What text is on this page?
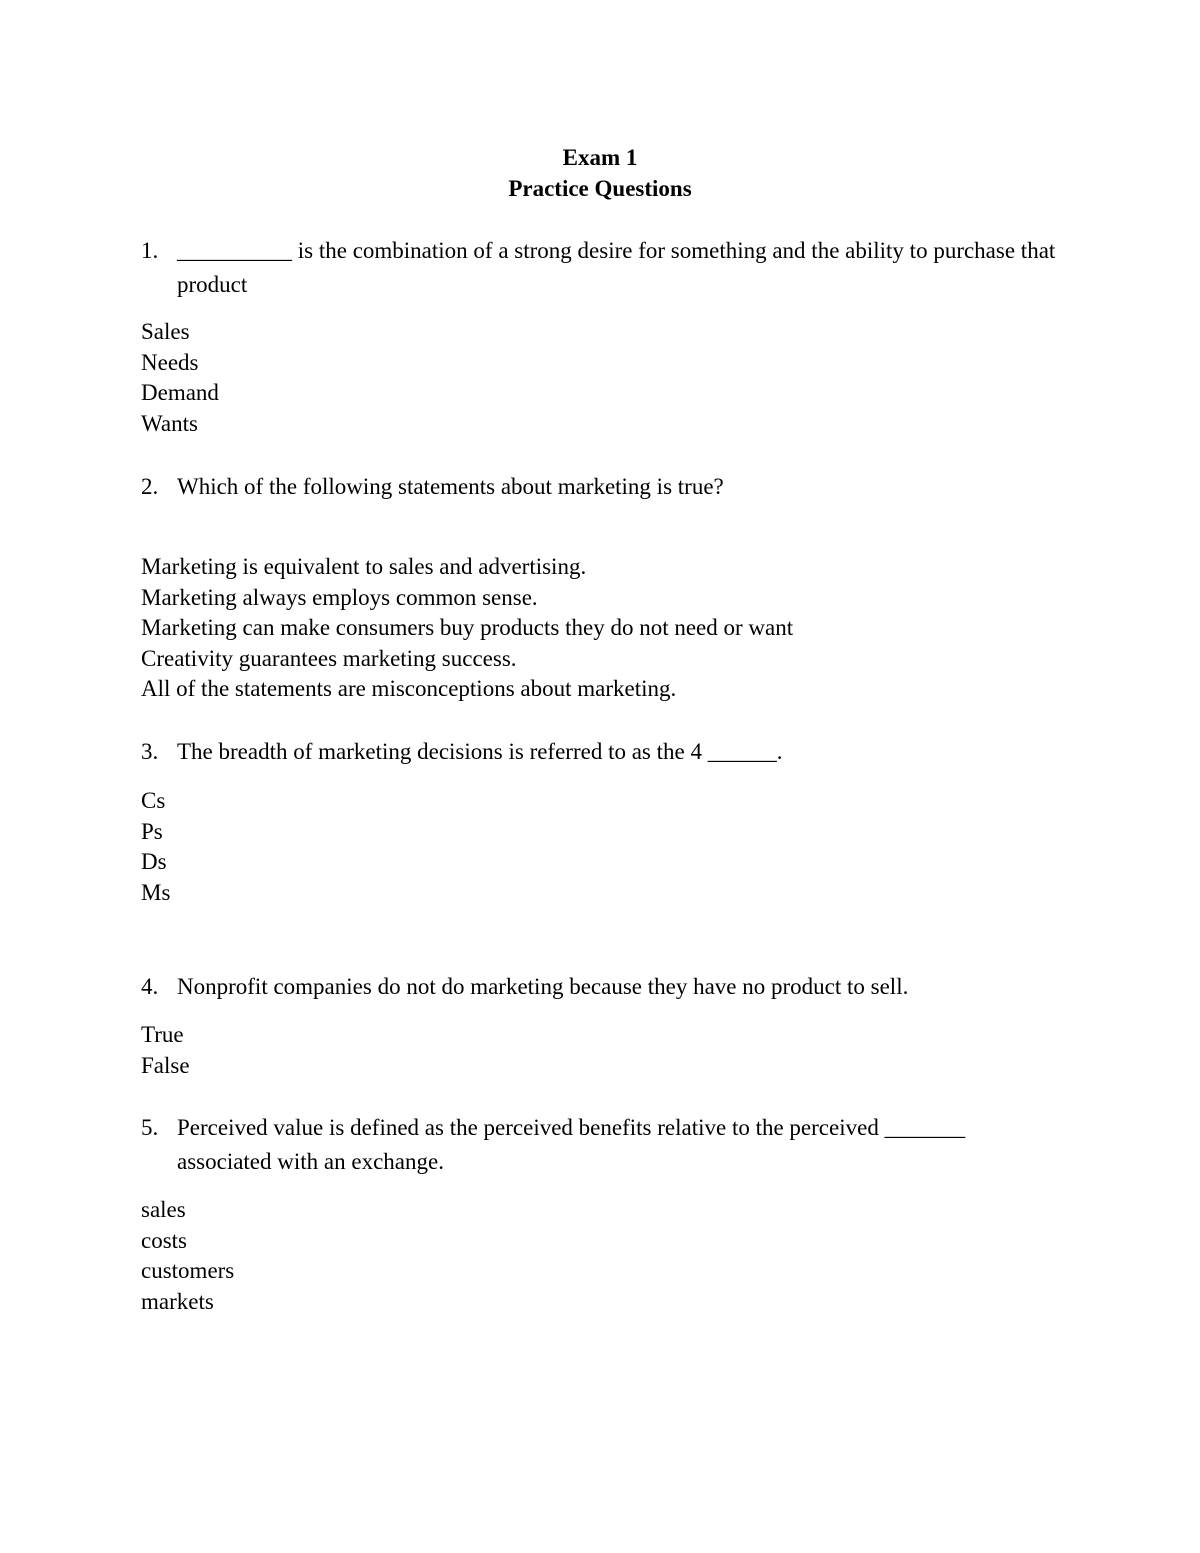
Exam 1
Practice Questions
1. __________ is the combination of a strong desire for something and the ability to purchase that product
Sales
Needs
Demand
Wants
2. Which of the following statements about marketing is true?
Marketing is equivalent to sales and advertising.
Marketing always employs common sense.
Marketing can make consumers buy products they do not need or want
Creativity guarantees marketing success.
All of the statements are misconceptions about marketing.
3. The breadth of marketing decisions is referred to as the 4 ______.
Cs
Ps
Ds
Ms
4. Nonprofit companies do not do marketing because they have no product to sell.
True
False
5. Perceived value is defined as the perceived benefits relative to the perceived _______ associated with an exchange.
sales
costs
customers
markets
